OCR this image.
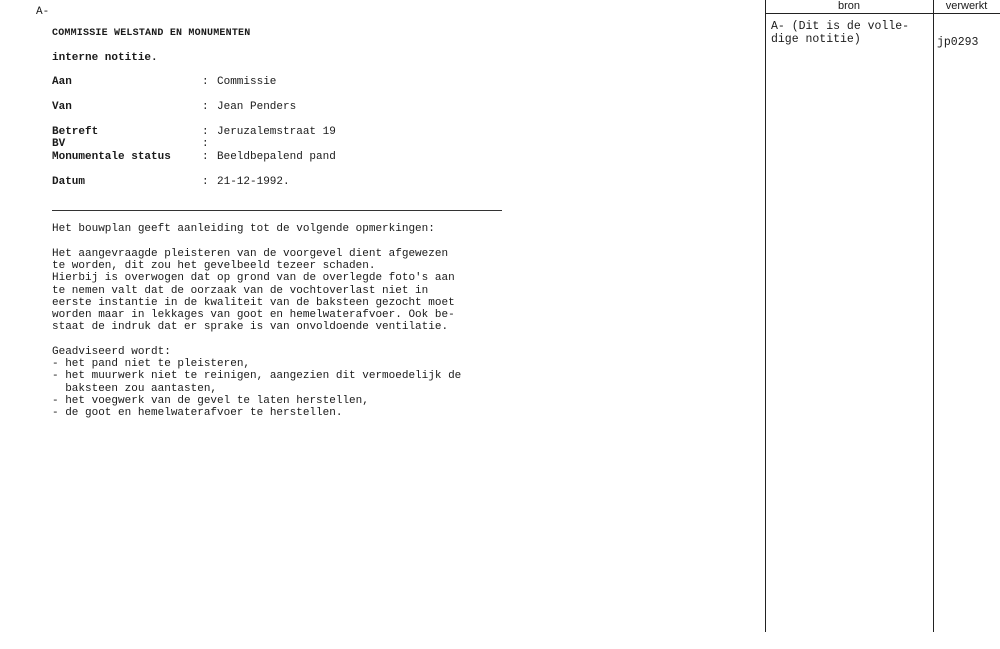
A-
COMMISSIE WELSTAND EN MONUMENTEN
interne notitie.
Aan	: Commissie
Van	: Jean Penders
Betreft	: Jeruzalemstraat 19
BV	:
Monumentale status	: Beeldbepalend pand
Datum	: 21-12-1992.
Het bouwplan geeft aanleiding tot de volgende opmerkingen:
Het aangevraagde pleisteren van de voorgevel dient afgewezen
te worden, dit zou het gevelbeeld tezeer schaden.
Hierbij is overwogen dat op grond van de overlegde foto's aan
te nemen valt dat de oorzaak van de vochtoverlast niet in
eerste instantie in de kwaliteit van de baksteen gezocht moet
worden maar in lekkages van goot en hemelwaterafvoer. Ook be-
staat de indruk dat er sprake is van onvoldoende ventilatie.
Geadviseerd wordt:
- het pand niet te pleisteren,
- het muurwerk niet te reinigen, aangezien dit vermoedelijk de
baksteen zou aantasten,
- het voegwerk van de gevel te laten herstellen,
- de goot en hemelwaterafvoer te herstellen.
bron	verwerkt
A- (Dit is de volle-
dige notitie)	jp0293
